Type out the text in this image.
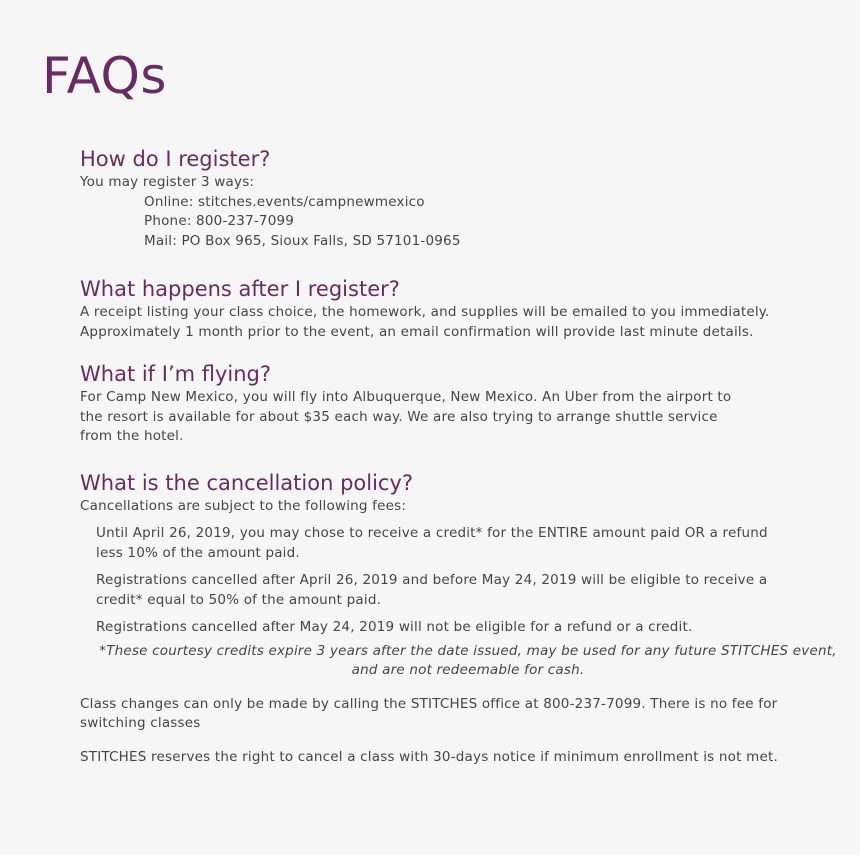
FAQs
How do I register?

You may register 3 ways:

Online: stitches.events/campnewmexico

Phone: 800-237-7099

Mail: PO Box 965, Sioux Falls, SD 57101-0965

What happens after I register?

A receipt listing your class choice, the homework, and supplies will be emailed to you immediately.

Approximately 1 month prior to the event, an email confirmation will provide last minute details.

What if I’m flying?

For Camp New Mexico, you will fly into Albuquerque, New Mexico. An Uber from the airport to

the resort is available for about $35 each way. We are also trying to arrange shuttle service

from the hotel.

What is the cancellation policy?

Cancellations are subject to the following fees:

Until April 26, 2019, you may chose to receive a credit* for the ENTIRE amount paid OR a refund

less 10% of the amount paid.

Registrations cancelled after April 26, 2019 and before May 24, 2019 will be eligible to receive a

credit* equal to 50% of the amount paid.

Registrations cancelled after May 24, 2019 will not be eligible for a refund or a credit.

*These courtesy credits expire 3 years after the date issued, may be used for any future STITCHES event,

and are not redeemable for cash.

Class changes can only be made by calling the STITCHES office at 800-237-7099. There is no fee for

switching classes

STITCHES reserves the right to cancel a class with 30-days notice if minimum enrollment is not met.
